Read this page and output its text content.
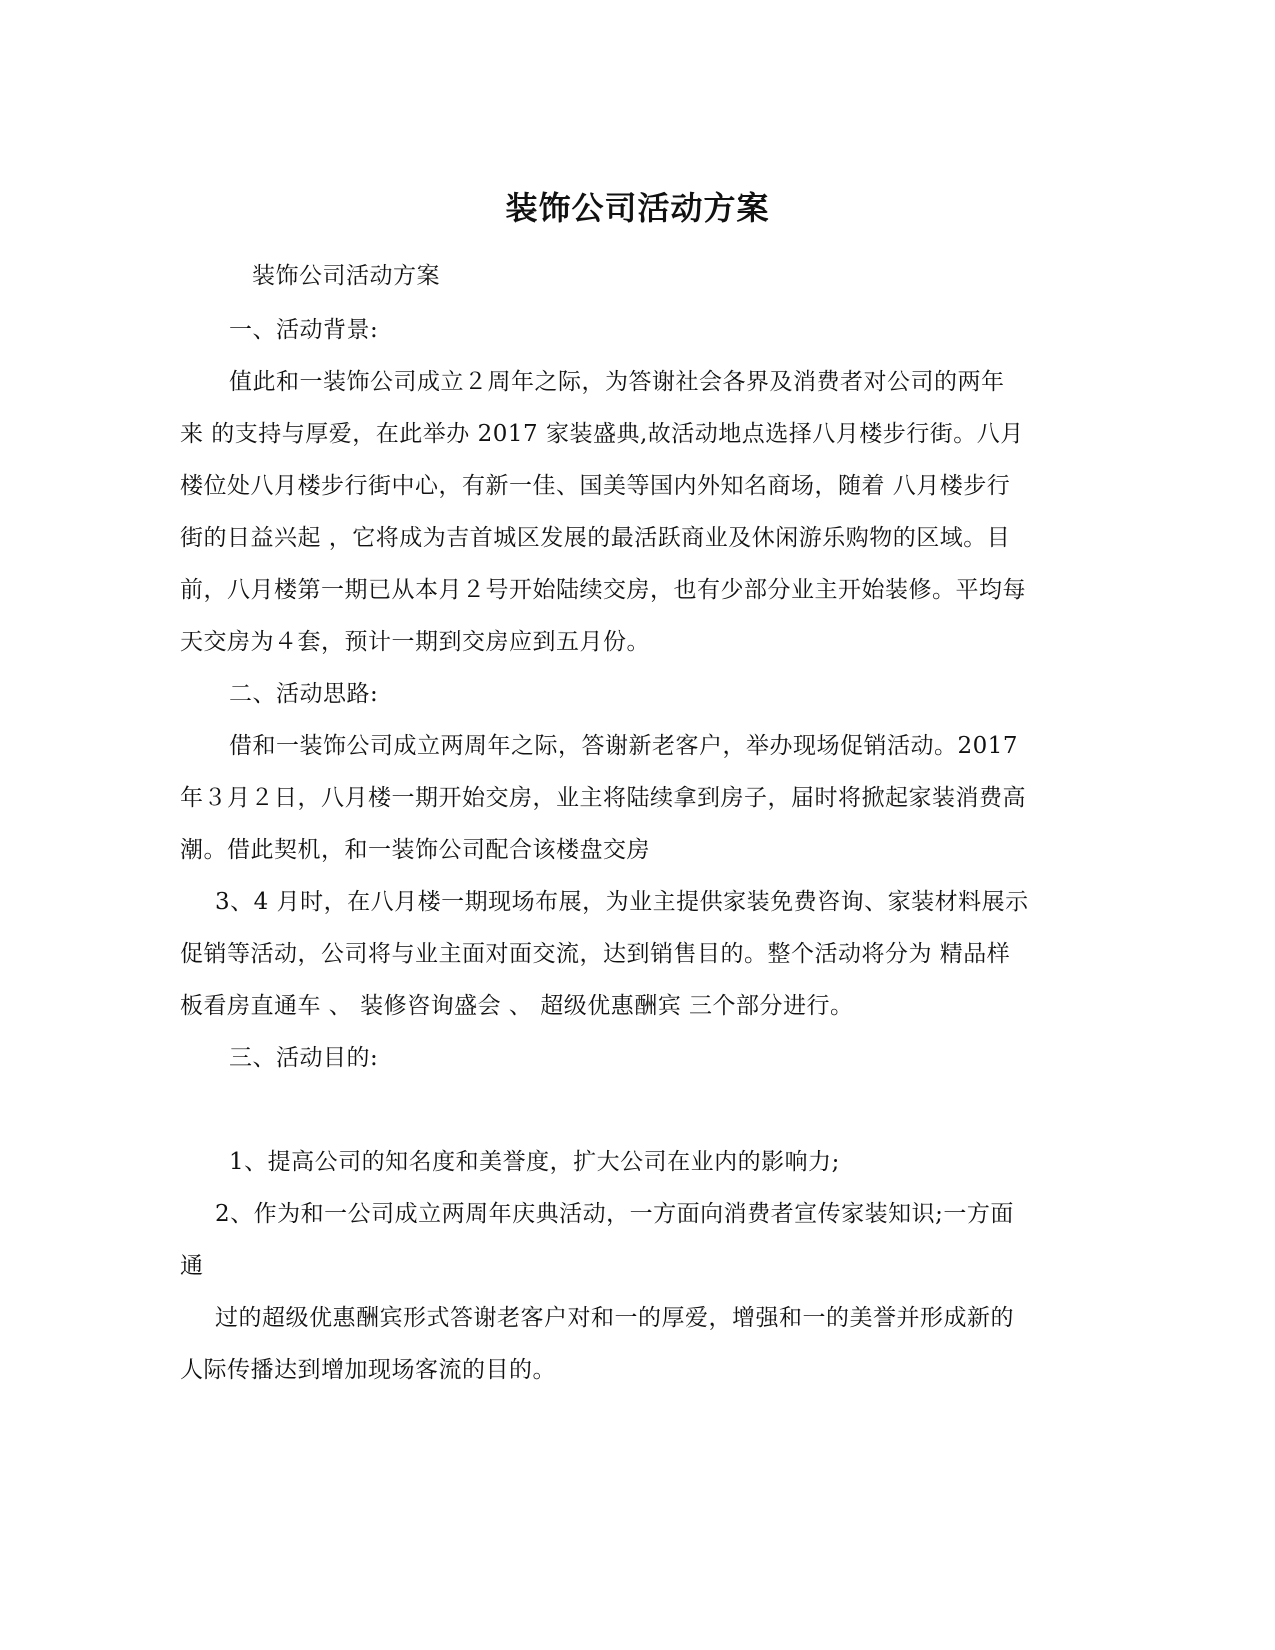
装饰公司活动方案
装饰公司活动方案
一、活动背景:
值此和一装饰公司成立２周年之际，为答谢社会各界及消费者对公司的两年
来 的支持与厚爱，在此举办 2017 家装盛典,故活动地点选择八月楼步行街。八月
楼位处八月楼步行街中心，有新一佳、国美等国内外知名商场，随着 八月楼步行
街的日益兴起 ，它将成为吉首城区发展的最活跃商业及休闲游乐购物的区域。目
前，八月楼第一期已从本月２号开始陆续交房，也有少部分业主开始装修。平均每
天交房为４套，预计一期到交房应到五月份。
二、活动思路:
借和一装饰公司成立两周年之际，答谢新老客户，举办现场促销活动。2017
年３月２日，八月楼一期开始交房，业主将陆续拿到房子，届时将掀起家装消费高
潮。借此契机，和一装饰公司配合该楼盘交房
3、4 月时，在八月楼一期现场布展，为业主提供家装免费咨询、家装材料展示
促销等活动，公司将与业主面对面交流，达到销售目的。整个活动将分为 精品样
板看房直通车 、 装修咨询盛会 、 超级优惠酬宾 三个部分进行。
三、活动目的:
1、提高公司的知名度和美誉度，扩大公司在业内的影响力;
2、作为和一公司成立两周年庆典活动，一方面向消费者宣传家装知识;一方面
通
过的超级优惠酬宾形式答谢老客户对和一的厚爱，增强和一的美誉并形成新的
人际传播达到增加现场客流的目的。
